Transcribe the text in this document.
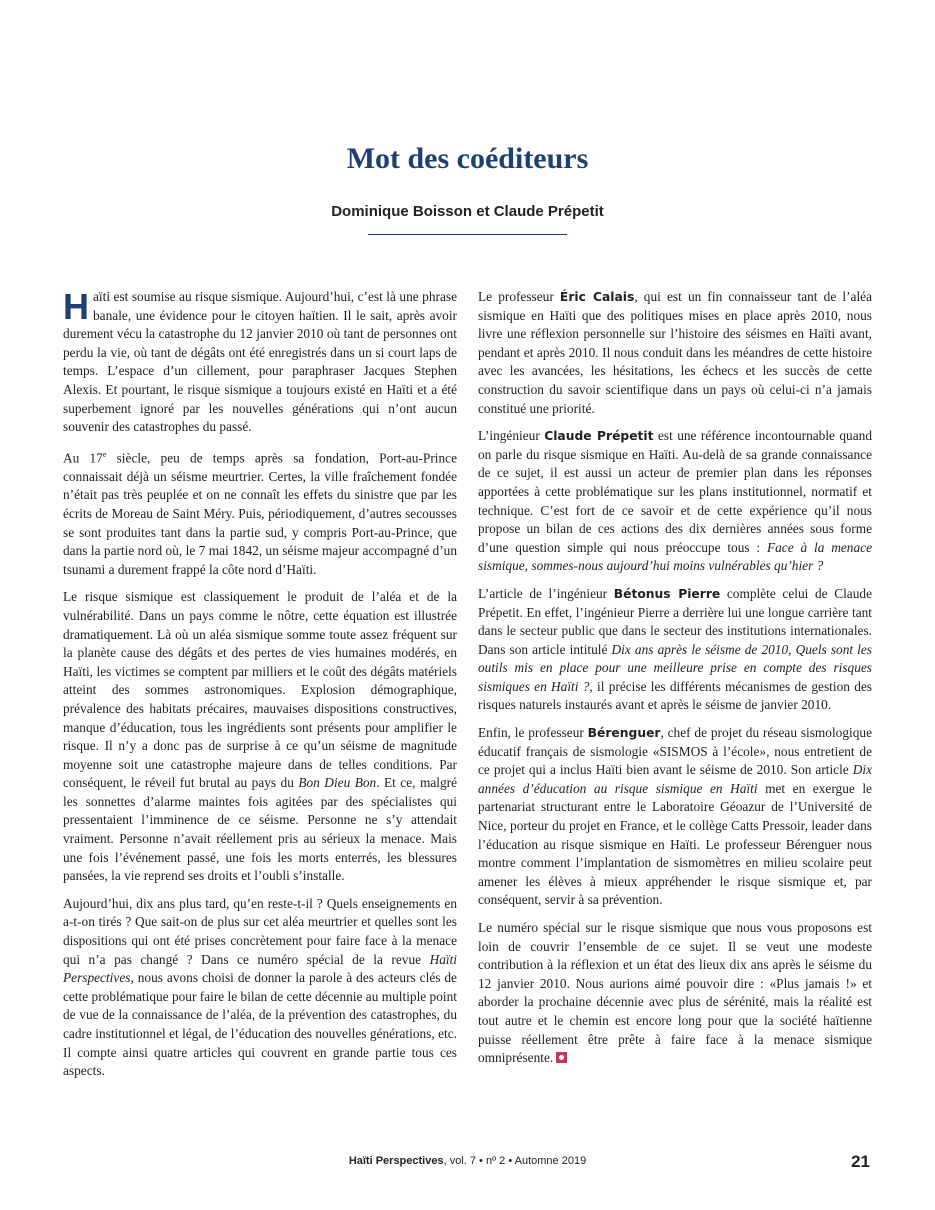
Mot des coéditeurs
Dominique Boisson et Claude Prépetit

Haïti est soumise au risque sismique. Aujourd’hui, c’est là une phrase banale, une évidence pour le citoyen haïtien. Il le sait, après avoir durement vécu la catastrophe du 12 janvier 2010 où tant de personnes ont perdu la vie, où tant de dégâts ont été enregistrés dans un si court laps de temps. L’espace d’un cillement, pour paraphraser Jacques Stephen Alexis. Et pourtant, le risque sismique a toujours existé en Haïti et a été superbement ignoré par les nouvelles générations qui n’ont aucun souvenir des catastrophes du passé.

Au 17e siècle, peu de temps après sa fondation, Port-au-Prince connaissait déjà un séisme meurtrier. Certes, la ville fraîchement fondée n’était pas très peuplée et on ne connaît les effets du sinistre que par les écrits de Moreau de Saint Méry. Puis, périodiquement, d’autres secousses se sont produites tant dans la partie sud, y compris Port-au-Prince, que dans la partie nord où, le 7 mai 1842, un séisme majeur accompagné d’un tsunami a durement frappé la côte nord d’Haïti.

Le risque sismique est classiquement le produit de l’aléa et de la vulnérabilité. Dans un pays comme le nôtre, cette équation est illustrée dramatiquement. Là où un aléa sismique somme toute assez fréquent sur la planète cause des dégâts et des pertes de vies humaines modérés, en Haïti, les victimes se comptent par milliers et le coût des dégâts matériels atteint des sommes astronomiques. Explosion démographique, prévalence des habitats précaires, mauvaises dispositions constructives, manque d’éducation, tous les ingrédients sont présents pour amplifier le risque. Il n’y a donc pas de surprise à ce qu’un séisme de magnitude moyenne soit une catastrophe majeure dans de telles conditions. Par conséquent, le réveil fut brutal au pays du Bon Dieu Bon. Et ce, malgré les sonnettes d’alarme maintes fois agitées par des spécialistes qui pressentaient l’imminence de ce séisme. Personne ne s’y attendait vraiment. Personne n’avait réellement pris au sérieux la menace. Mais une fois l’événement passé, une fois les morts enterrés, les blessures pansées, la vie reprend ses droits et l’oubli s’installe.

Aujourd’hui, dix ans plus tard, qu’en reste-t-il ? Quels enseignements en a-t-on tirés ? Que sait-on de plus sur cet aléa meurtrier et quelles sont les dispositions qui ont été prises concrètement pour faire face à la menace qui n’a pas changé ? Dans ce numéro spécial de la revue Haïti Perspectives, nous avons choisi de donner la parole à des acteurs clés de cette problématique pour faire le bilan de cette décennie au multiple point de vue de la connaissance de l’aléa, de la prévention des catastrophes, du cadre institutionnel et légal, de l’éducation des nouvelles générations, etc. Il compte ainsi quatre articles qui couvrent en grande partie tous ces aspects.

Le professeur Éric Calais, qui est un fin connaisseur tant de l’aléa sismique en Haïti que des politiques mises en place après 2010, nous livre une réflexion personnelle sur l’histoire des séismes en Haïti avant, pendant et après 2010. Il nous conduit dans les méandres de cette histoire avec les avancées, les hésitations, les échecs et les succès de cette construction du savoir scientifique dans un pays où celui-ci n’a jamais constitué une priorité.

L’ingénieur Claude Prépetit est une référence incontournable quand on parle du risque sismique en Haïti. Au-delà de sa grande connaissance de ce sujet, il est aussi un acteur de premier plan dans les réponses apportées à cette problématique sur les plans institutionnel, normatif et technique. C’est fort de ce savoir et de cette expérience qu’il nous propose un bilan de ces actions des dix dernières années sous forme d’une question simple qui nous préoccupe tous : Face à la menace sismique, sommes-nous aujourd’hui moins vulnérables qu’hier ?

L’article de l’ingénieur Bétonus Pierre complète celui de Claude Prépetit. En effet, l’ingénieur Pierre a derrière lui une longue carrière tant dans le secteur public que dans le secteur des institutions internationales. Dans son article intitulé Dix ans après le séisme de 2010, Quels sont les outils mis en place pour une meilleure prise en compte des risques sismiques en Haïti ?, il précise les différents mécanismes de gestion des risques naturels instaurés avant et après le séisme de janvier 2010.

Enfin, le professeur Bérenguer, chef de projet du réseau sismologique éducatif français de sismologie «SISMOS à l’école», nous entretient de ce projet qui a inclus Haïti bien avant le séisme de 2010. Son article Dix années d’éducation au risque sismique en Haïti met en exergue le partenariat structurant entre le Laboratoire Géoazur de l’Université de Nice, porteur du projet en France, et le collège Catts Pressoir, leader dans l’éducation au risque sismique en Haïti. Le professeur Bérenguer nous montre comment l’implantation de sismomètres en milieu scolaire peut amener les élèves à mieux appréhender le risque sismique et, par conséquent, servir à sa prévention.

Le numéro spécial sur le risque sismique que nous vous proposons est loin de couvrir l’ensemble de ce sujet. Il se veut une modeste contribution à la réflexion et un état des lieux dix ans après le séisme du 12 janvier 2010. Nous aurions aimé pouvoir dire : «Plus jamais !» et aborder la prochaine décennie avec plus de sérénité, mais la réalité est tout autre et le chemin est encore long pour que la société haïtienne puisse réellement être prête à faire face à la menace sismique omniprésente.

Haïti Perspectives, vol. 7 • nº 2 • Automne 2019	21
